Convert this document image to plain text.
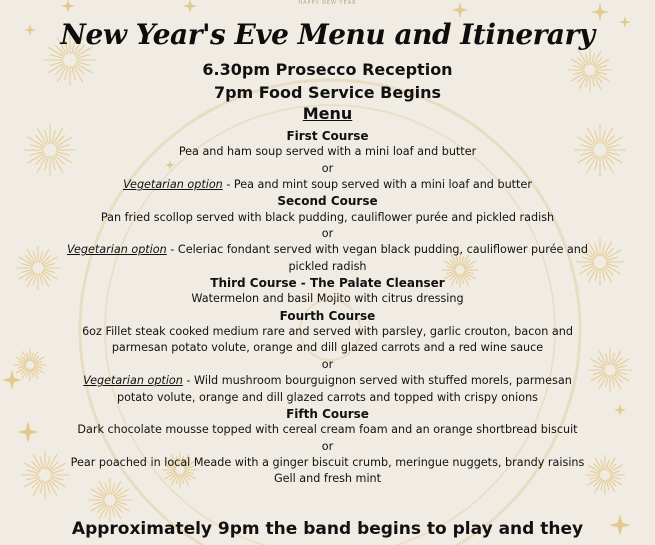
HAPPY NEW YEAR
New Year's Eve Menu and Itinerary
6.30pm Prosecco Reception
7pm Food Service Begins
Menu
First Course
Pea and ham soup served with a mini loaf and butter
or
Vegetarian option - Pea and mint soup served with a mini loaf and butter
Second Course
Pan fried scollop served with black pudding, cauliflower purée and pickled radish
or
Vegetarian option - Celeriac fondant served with vegan black pudding, cauliflower purée and
pickled radish
Third Course - The Palate Cleanser
Watermelon and basil Mojito with citrus dressing
Fourth Course
6oz Fillet steak cooked medium rare and served with parsley, garlic crouton, bacon and
parmesan potato volute, orange and dill glazed carrots and a red wine sauce
or
Vegetarian option - Wild mushroom bourguignon served with stuffed morels, parmesan
potato volute, orange and dill glazed carrots and topped with crispy onions
Fifth Course
Dark chocolate mousse topped with cereal cream foam and an orange shortbread biscuit
or
Pear poached in local Meade with a ginger biscuit crumb, meringue nuggets, brandy raisins
Gell and fresh mint
Approximately 9pm the band begins to play and they
